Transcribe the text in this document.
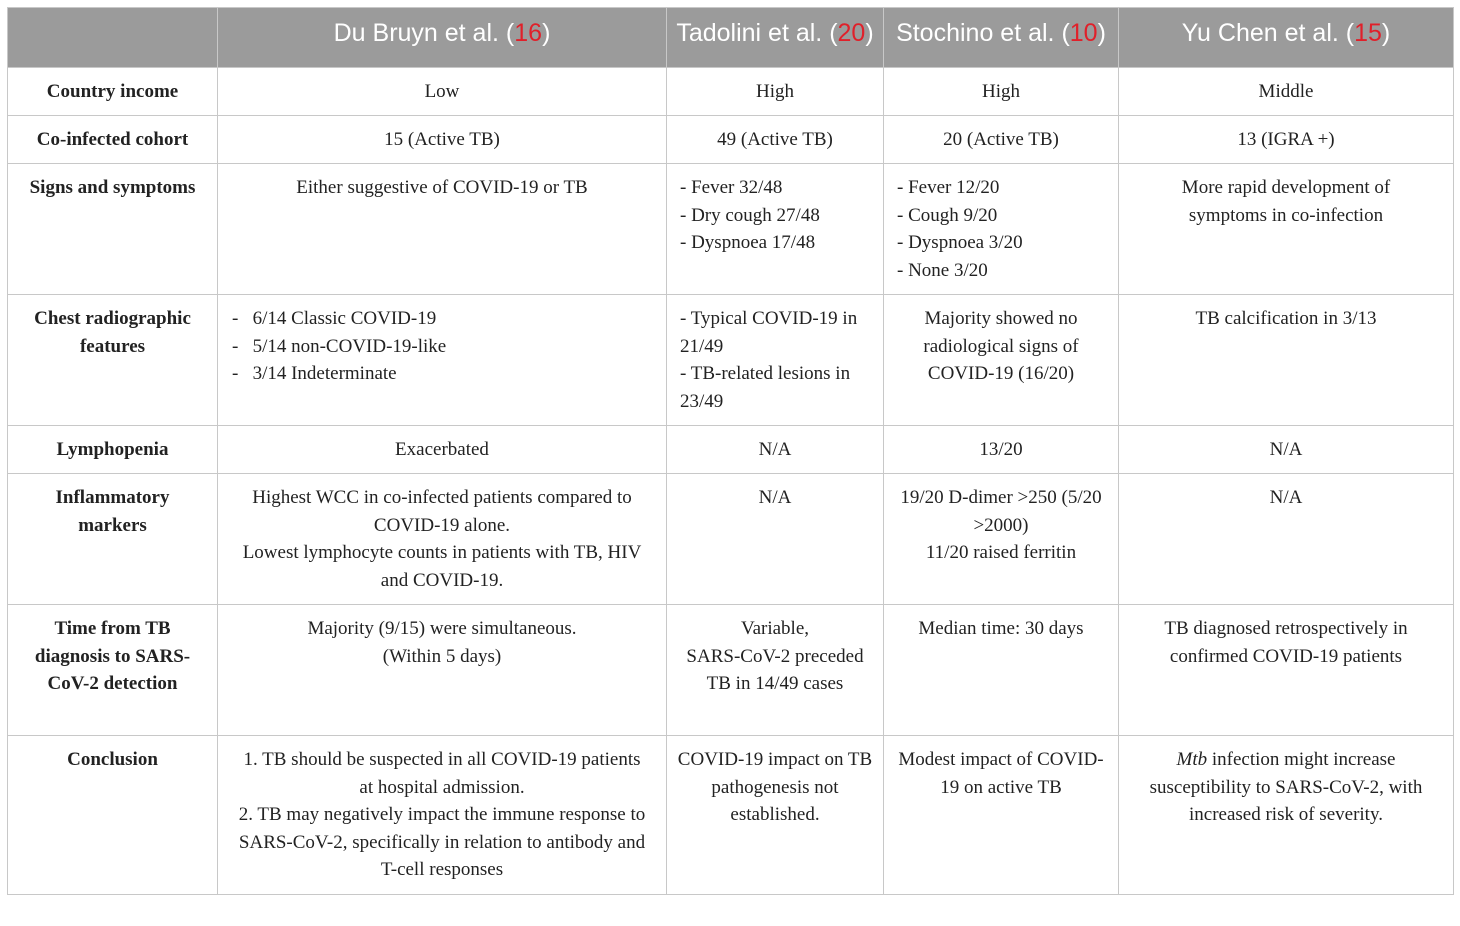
	Du Bruyn et al. (16)	Tadolini et al. (20)	Stochino et al. (10)	Yu Chen et al. (15)
Country income	Low	High	High	Middle

Co-infected cohort	15 (Active TB)	49 (Active TB)	20 (Active TB)	13 (IGRA +)

Signs and symptoms	Either suggestive of COVID-19 or TB	- Fever 32/48
- Dry cough 27/48
- Dyspnoea 17/48	- Fever 12/20
- Cough 9/20
- Dyspnoea 3/20
- None 3/20	More rapid development of symptoms in co-infection

Chest radiographic features	-   6/14 Classic COVID-19
-   5/14 non-COVID-19-like
-   3/14 Indeterminate	- Typical COVID-19 in 21/49
- TB-related lesions in 23/49	Majority showed no radiological signs of COVID-19 (16/20)	TB calcification in 3/13

Lymphopenia	Exacerbated	N/A	13/20	N/A

Inflammatory markers	Highest WCC in co-infected patients compared to COVID-19 alone.
Lowest lymphocyte counts in patients with TB, HIV and COVID-19.	N/A	19/20 D-dimer >250 (5/20 >2000)
11/20 raised ferritin	N/A

Time from TB diagnosis to SARS-CoV-2 detection	Majority (9/15) were simultaneous.
(Within 5 days)	Variable,
SARS-CoV-2 preceded TB in 14/49 cases	Median time: 30 days	TB diagnosed retrospectively in confirmed COVID-19 patients

Conclusion	1. TB should be suspected in all COVID-19 patients at hospital admission.
2. TB may negatively impact the immune response to SARS-CoV-2, specifically in relation to antibody and T-cell responses	COVID-19 impact on TB pathogenesis not established.	Modest impact of COVID-19 on active TB	Mtb infection might increase susceptibility to SARS-CoV-2, with increased risk of severity.
